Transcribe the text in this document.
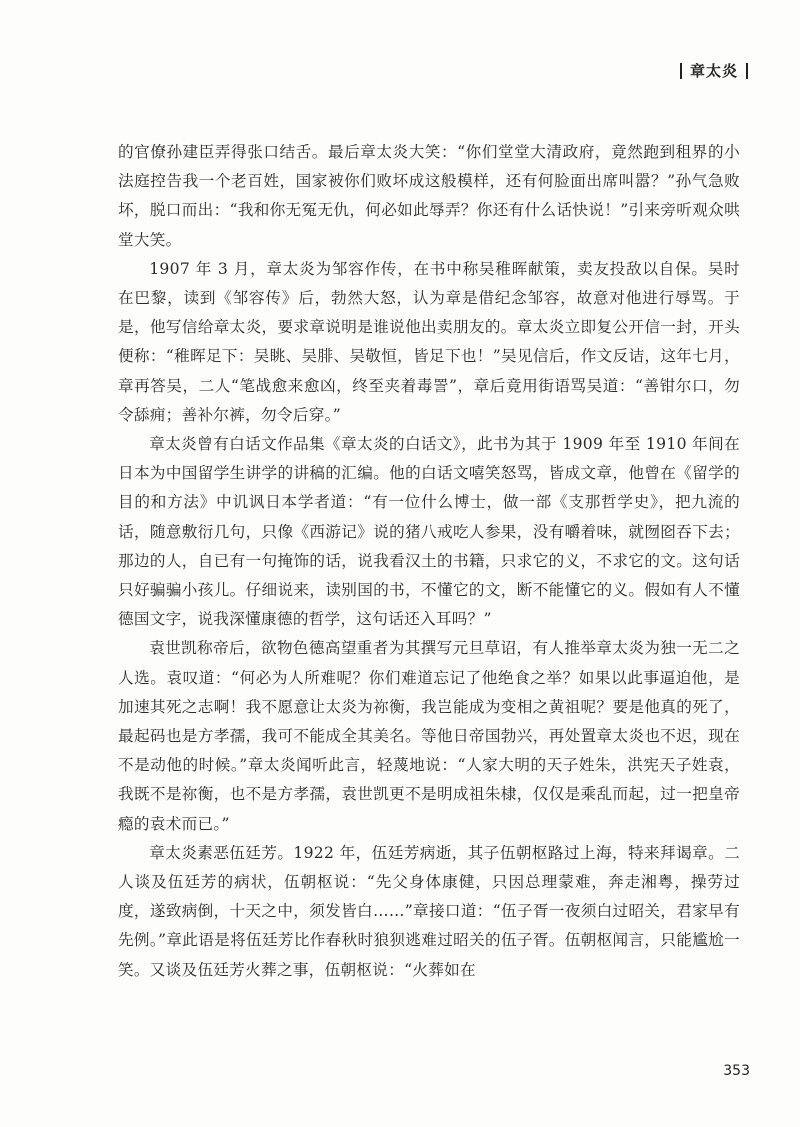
章太炎

的官僚孙建臣弄得张口结舌。最后章太炎大笑：“你们堂堂大清政府，竟然跑到租界的小法庭控告我一个老百姓，国家被你们败坏成这般模样，还有何脸面出席叫嚣？”孙气急败坏，脱口而出：“我和你无冤无仇，何必如此辱弄？你还有什么话快说！”引来旁听观众哄堂大笑。

1907 年 3 月，章太炎为邹容作传，在书中称吴稚晖献策，卖友投敌以自保。吴时在巴黎，读到《邹容传》后，勃然大怒，认为章是借纪念邹容，故意对他进行辱骂。于是，他写信给章太炎，要求章说明是谁说他出卖朋友的。章太炎立即复公开信一封，开头便称：“稚晖足下：吴眺、吴腓、吴敬恒，皆足下也！”吴见信后，作文反诘，这年七月，章再答吴，二人“笔战愈来愈凶，终至夹着毒詈”，章后竟用街语骂吴道：“善钳尔口，勿令舔痈；善补尔裤，勿令后穿。”

章太炎曾有白话文作品集《章太炎的白话文》，此书为其于 1909 年至 1910 年间在日本为中国留学生讲学的讲稿的汇编。他的白话文嘻笑怒骂，皆成文章，他曾在《留学的目的和方法》中讥讽日本学者道：“有一位什么博士，做一部《支那哲学史》，把九流的话，随意敷衍几句，只像《西游记》说的猪八戒吃人参果，没有嚼着味，就囫囵吞下去；那边的人，自已有一句掩饰的话，说我看汉土的书籍，只求它的义，不求它的文。这句话只好骗骗小孩儿。仔细说来，读别国的书，不懂它的文，断不能懂它的义。假如有人不懂德国文字，说我深懂康德的哲学，这句话还入耳吗？”

袁世凯称帝后，欲物色德高望重者为其撰写元旦草诏，有人推举章太炎为独一无二之人选。袁叹道：“何必为人所难呢？你们难道忘记了他绝食之举？如果以此事逼迫他，是加速其死之志啊！我不愿意让太炎为祢衡，我岂能成为变相之黄祖呢？要是他真的死了，最起码也是方孝孺，我可不能成全其美名。等他日帝国勃兴，再处置章太炎也不迟，现在不是动他的时候。”章太炎闻听此言，轻蔑地说：“人家大明的天子姓朱，洪宪天子姓袁，我既不是祢衡，也不是方孝孺，袁世凯更不是明成祖朱棣，仅仅是乘乱而起，过一把皇帝瘾的袁术而已。”

章太炎素恶伍廷芳。1922 年，伍廷芳病逝，其子伍朝枢路过上海，特来拜谒章。二人谈及伍廷芳的病状，伍朝枢说：“先父身体康健，只因总理蒙难，奔走湘粤，操劳过度，遂致病倒，十天之中，须发皆白……”章接口道：“伍子胥一夜须白过昭关，君家早有先例。”章此语是将伍廷芳比作春秋时狼狈逃难过昭关的伍子胥。伍朝枢闻言，只能尴尬一笑。又谈及伍廷芳火葬之事，伍朝枢说：“火葬如在

353
